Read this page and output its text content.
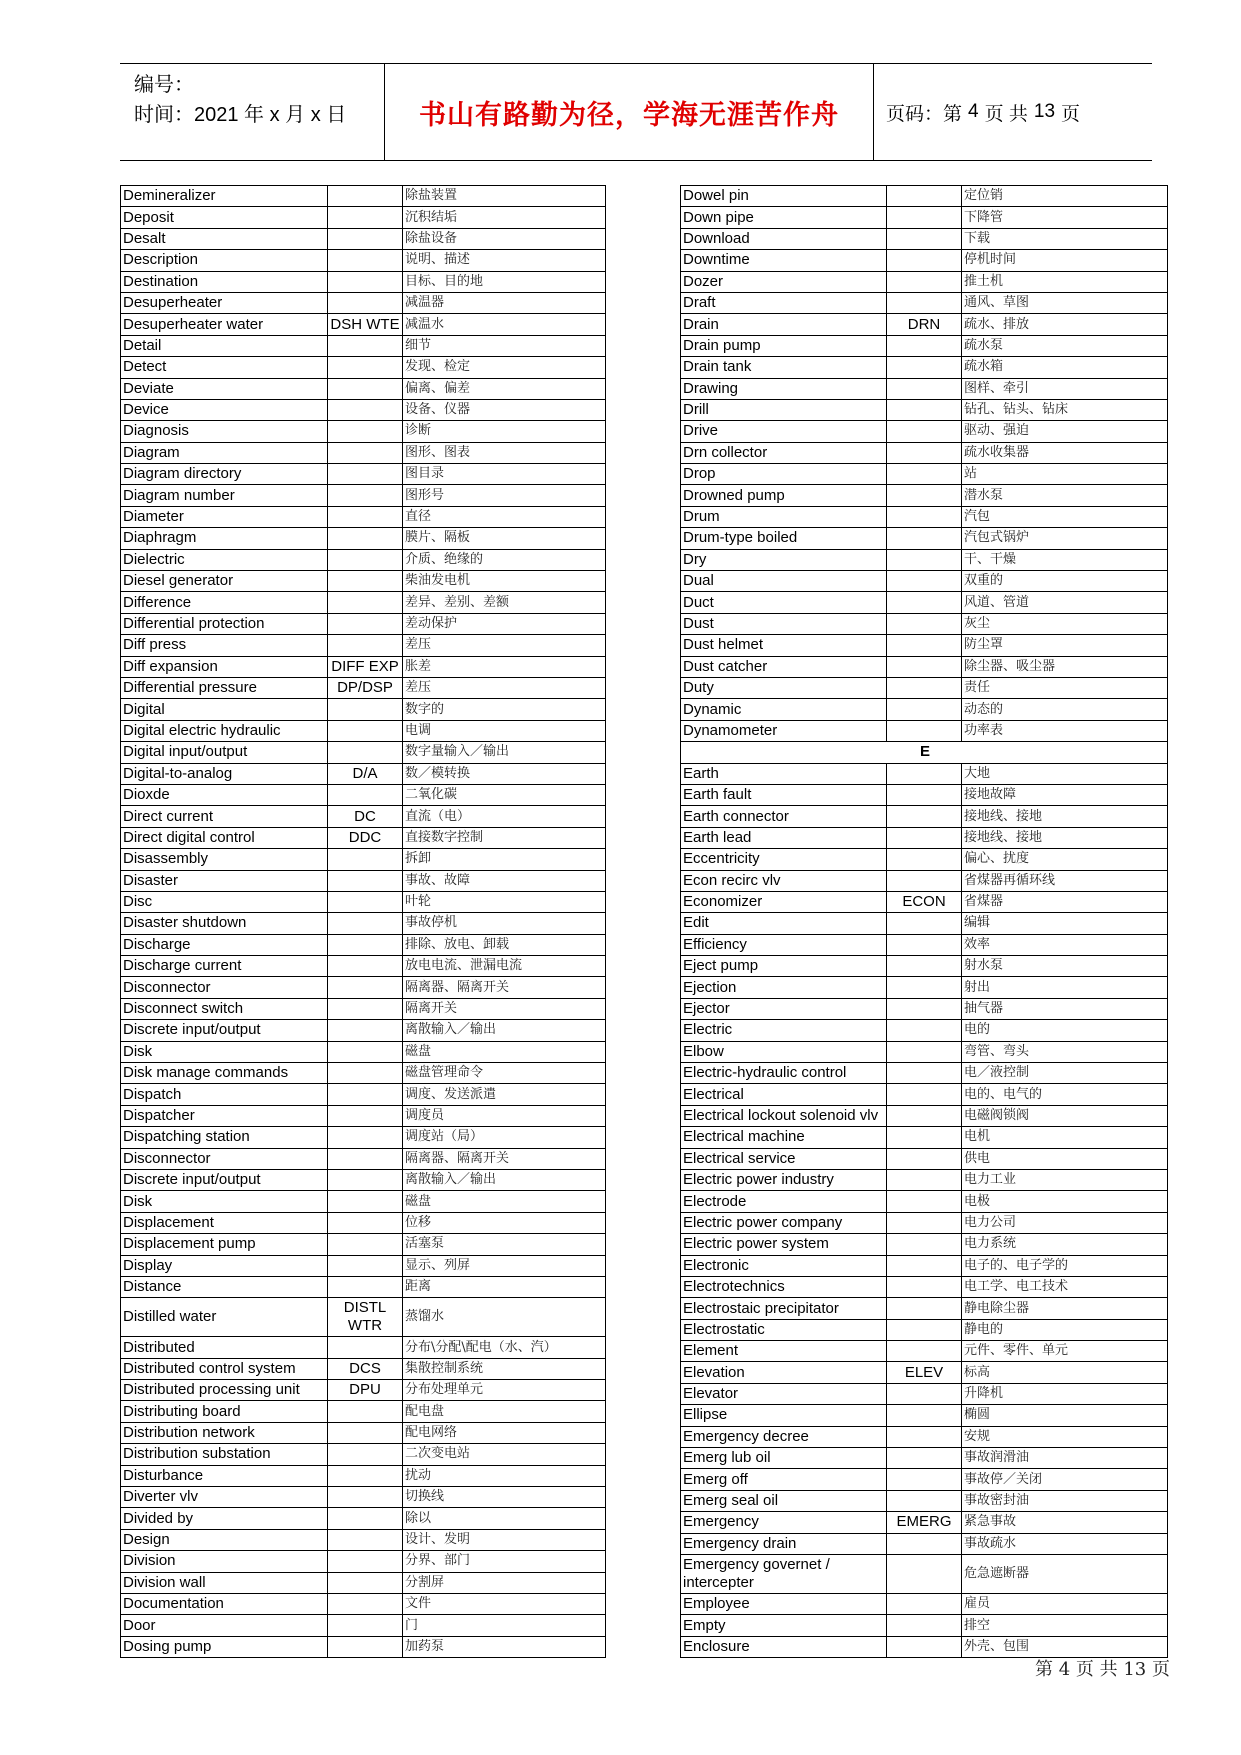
编号：
时间：2021 年 x 月 x 日	书山有路勤为径，学海无涯苦作舟	页码：第 4 页 共 13 页
Demineralizer		除盐装置
Deposit		沉积结垢
Desalt		除盐设备
Description		说明、描述
Destination		目标、目的地
Desuperheater		减温器
Desuperheater water	DSH WTE	减温水
Detail		细节
Detect		发现、检定
Deviate		偏离、偏差
Device		设备、仪器
Diagnosis		诊断
Diagram		图形、图表
Diagram directory		图目录
Diagram number		图形号
Diameter		直径
Diaphragm		膜片、隔板
Dielectric		介质、绝缘的
Diesel generator		柴油发电机
Difference		差异、差别、差额
Differential protection		差动保护
Diff press		差压
Diff expansion	DIFF EXP	胀差
Differential pressure	DP/DSP	差压
Digital		数字的
Digital electric hydraulic		电调
Digital input/output		数字量输入／输出
Digital-to-analog	D/A	数／模转换
Dioxde		二氧化碳
Direct current	DC	直流（电）
Direct digital control	DDC	直接数字控制
Disassembly		拆卸
Disaster		事故、故障
Disc		叶轮
Disaster shutdown		事故停机
Discharge		排除、放电、卸载
Discharge current		放电电流、泄漏电流
Disconnector		隔离器、隔离开关
Disconnect switch		隔离开关
Discrete input/output		离散输入／输出
Disk		磁盘
Disk manage commands		磁盘管理命令
Dispatch		调度、发送派遣
Dispatcher		调度员
Dispatching station		调度站（局）
Disconnector		隔离器、隔离开关
Discrete input/output		离散输入／输出
Disk		磁盘
Displacement		位移
Displacement pump		活塞泵
Display		显示、列屏
Distance		距离
Distilled water	DISTL WTR	蒸馏水
Distributed		分布\分配\配电（水、汽）
Distributed control system	DCS	集散控制系统
Distributed processing unit	DPU	分布处理单元
Distributing board		配电盘
Distribution network		配电网络
Distribution substation		二次变电站
Disturbance		扰动
Diverter vlv		切换线
Divided by		除以
Design		设计、发明
Division		分界、部门
Division wall		分割屏
Documentation		文件
Door		门
Dosing pump		加药泵
Dowel pin		定位销
Down pipe		下降管
Download		下载
Downtime		停机时间
Dozer		推土机
Draft		通风、草图
Drain	DRN	疏水、排放
Drain pump		疏水泵
Drain tank		疏水箱
Drawing		图样、牵引
Drill		钻孔、钻头、钻床
Drive		驱动、强迫
Drn collector		疏水收集器
Drop		站
Drowned pump		潜水泵
Drum		汽包
Drum-type boiled		汽包式锅炉
Dry		干、干燥
Dual		双重的
Duct		风道、管道
Dust		灰尘
Dust helmet		防尘罩
Dust catcher		除尘器、吸尘器
Duty		责任
Dynamic		动态的
Dynamometer		功率表
E		
Earth		大地
Earth fault		接地故障
Earth connector		接地线、接地
Earth lead		接地线、接地
Eccentricity		偏心、扰度
Econ recirc vlv		省煤器再循环线
Economizer	ECON	省煤器
Edit		编辑
Efficiency		效率
Eject pump		射水泵
Ejection		射出
Ejector		抽气器
Electric		电的
Elbow		弯管、弯头
Electric-hydraulic control		电／液控制
Electrical		电的、电气的
Electrical lockout solenoid vlv		电磁阀锁阀
Electrical machine		电机
Electrical service		供电
Electric power industry		电力工业
Electrode		电极
Electric power company		电力公司
Electric power system		电力系统
Electronic		电子的、电子学的
Electrotechnics		电工学、电工技术
Electrostaic precipitator		静电除尘器
Electrostatic		静电的
Element		元件、零件、单元
Elevation	ELEV	标高
Elevator		升降机
Ellipse		椭圆
Emergency decree		安规
Emerg lub oil		事故润滑油
Emerg off		事故停／关闭
Emerg seal oil		事故密封油
Emergency	EMERG	紧急事故
Emergency drain		事故疏水
Emergency governet / intercepter		危急遮断器
Employee		雇员
Empty		排空
Enclosure		外壳、包围
第 4 页 共 13 页
